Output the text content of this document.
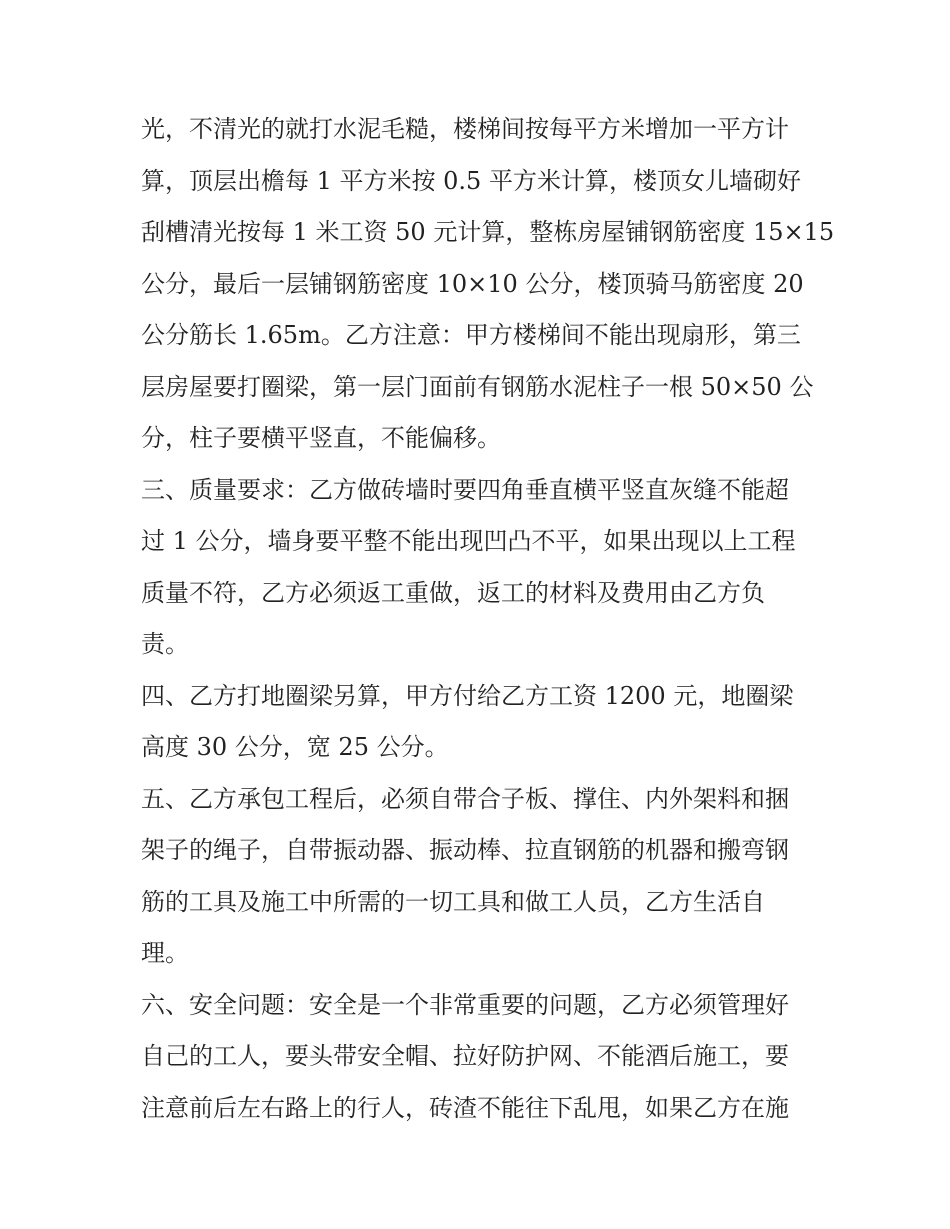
光，不清光的就打水泥毛糙，楼梯间按每平方米增加一平方计
算，顶层出檐每 1 平方米按 0.5 平方米计算，楼顶女儿墙砌好
刮槽清光按每 1 米工资 50 元计算，整栋房屋铺钢筋密度 15×15
公分，最后一层铺钢筋密度 10×10 公分，楼顶骑马筋密度 20
公分筋长 1.65m。乙方注意：甲方楼梯间不能出现扇形，第三
层房屋要打圈梁，第一层门面前有钢筋水泥柱子一根 50×50 公
分，柱子要横平竖直，不能偏移。
三、质量要求：乙方做砖墙时要四角垂直横平竖直灰缝不能超
过 1 公分，墙身要平整不能出现凹凸不平，如果出现以上工程
质量不符，乙方必须返工重做，返工的材料及费用由乙方负
责。
四、乙方打地圈梁另算，甲方付给乙方工资 1200 元，地圈梁
高度 30 公分，宽 25 公分。
五、乙方承包工程后，必须自带合子板、撑住、内外架料和捆
架子的绳子，自带振动器、振动棒、拉直钢筋的机器和搬弯钢
筋的工具及施工中所需的一切工具和做工人员，乙方生活自
理。
六、安全问题：安全是一个非常重要的问题，乙方必须管理好
自己的工人，要头带安全帽、拉好防护网、不能酒后施工，要
注意前后左右路上的行人，砖渣不能往下乱甩，如果乙方在施
